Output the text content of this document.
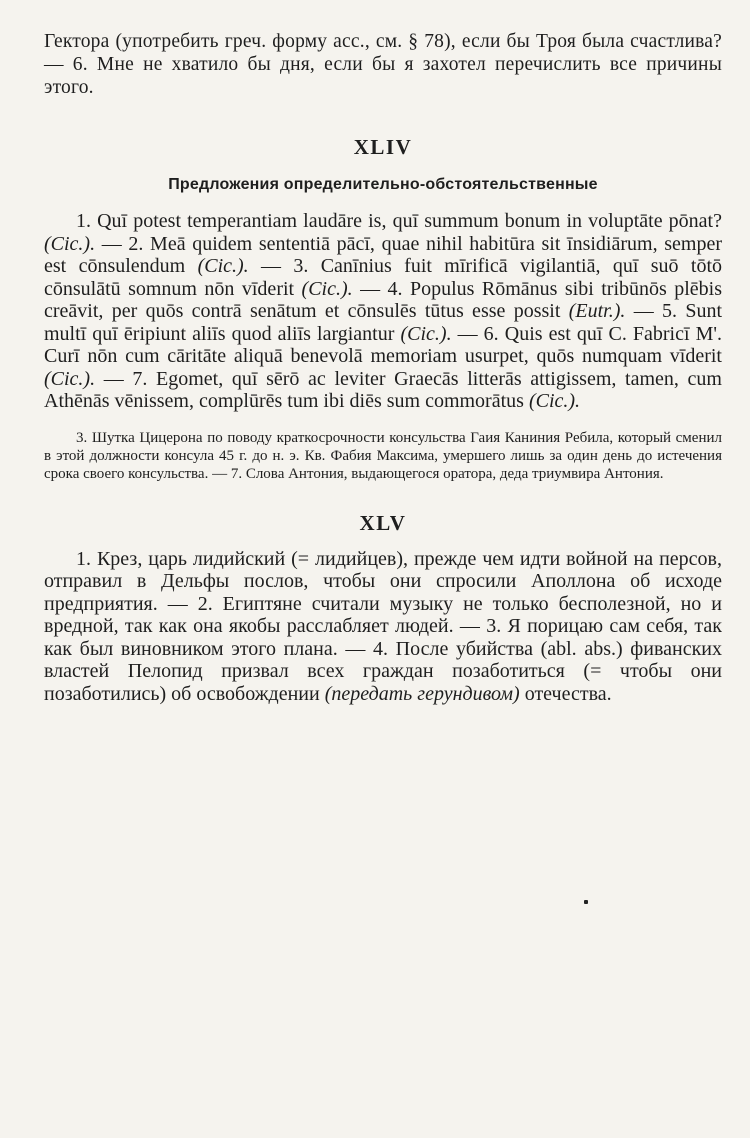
Гектора (употребить греч. форму acc., см. § 78), если бы Троя была счастлива? — 6. Мне не хватило бы дня, если бы я захотел перечислить все причины этого.

XLIV
Предложения определительно-обстоятельственные

1. Quī potest temperantiam laudāre is, quī summum bonum in voluptāte pōnat? (Cic.). — 2. Meā quidem sententiā pācī, quae nihil habitūra sit īnsidiārum, semper est cōnsulendum (Cic.). — 3. Canīnius fuit mīrificā vigilantiā, quī suō tōtō cōnsulātū somnum nōn vīderit (Cic.). — 4. Populus Rōmānus sibi tribūnōs plēbis creāvit, per quōs contrā senātum et cōnsulēs tūtus esse possit (Eutr.). — 5. Sunt multī quī ēripiunt aliīs quod aliīs largiantur (Cic.). — 6. Quis est quī C. Fabricī M'. Curī nōn cum cāritāte aliquā benevolā memoriam usurpet, quōs numquam vīderit (Cic.). — 7. Egomet, quī sērō ac leviter Graecās litterās attigissem, tamen, cum Athēnās vēnissem, complūrēs tum ibi diēs sum commorātus (Cic.).

3. Шутка Цицерона по поводу краткосрочности консульства Гаия Каниния Ребила, который сменил в этой должности консула 45 г. до н. э. Кв. Фабия Максима, умершего лишь за один день до истечения срока своего консульства. — 7. Слова Антония, выдающегося оратора, деда триумвира Антония.

XLV

1. Крез, царь лидийский (= лидийцев), прежде чем идти войной на персов, отправил в Дельфы послов, чтобы они спросили Аполлона об исходе предприятия. — 2. Египтяне считали музыку не только бесполезной, но и вредной, так как она якобы расслабляет людей. — 3. Я порицаю сам себя, так как был виновником этого плана. — 4. После убийства (abl. abs.) фиванских властей Пелопид призвал всех граждан позаботиться (= чтобы они позаботились) об освобождении (передать герундивом) отечества.
